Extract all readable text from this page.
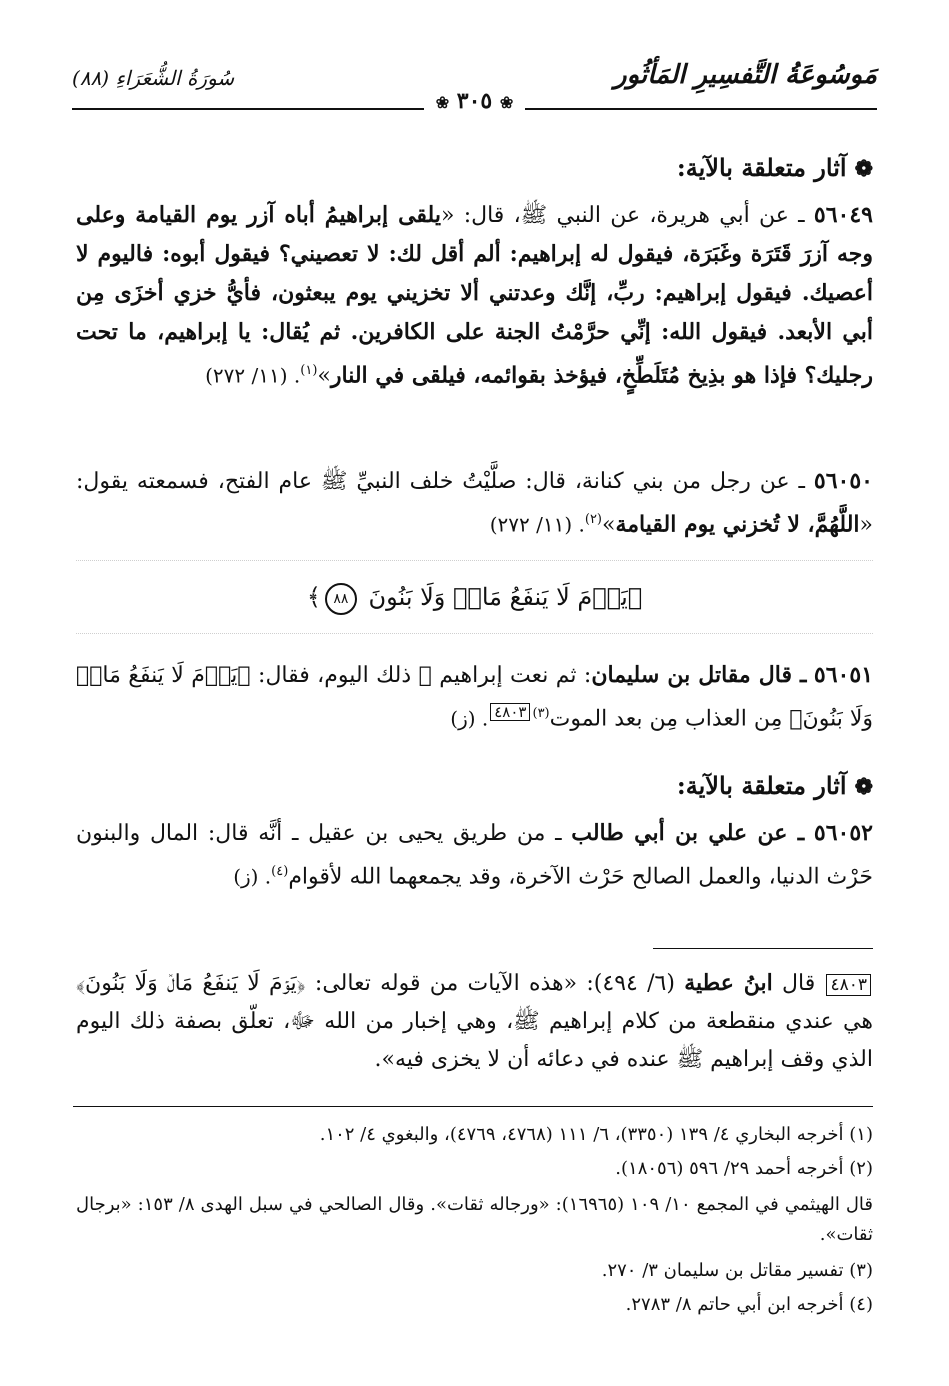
مَوسُوعَةُ التَّفسِيرِ المَأثُور
سُورَةُ الشُّعَرَاءِ (٨٨)
❀ ٣٠٥ ❀

❁آثار متعلقة بالآية:

٥٦٠٤٩ ـ عن أبي هريرة، عن النبي ﷺ، قال: «يلقى إبراهيمُ أباه آزر يوم القيامة وعلى وجه آزرَ قَتَرَة وغَبَرَة، فيقول له إبراهيم: ألم أقل لك: لا تعصيني؟ فيقول أبوه: فاليوم لا أعصيك. فيقول إبراهيم: ربِّ، إنَّك وعدتني ألا تخزيني يوم يبعثون، فأيُّ خزي أخزَى مِن أبي الأبعد. فيقول الله: إنِّي حرَّمْتُ الجنة على الكافرين. ثم يُقال: يا إبراهيم، ما تحت رجليك؟ فإذا هو بذِيخ مُتَلَطِّخٍ، فيؤخذ بقوائمه، فيلقى في النار»$^{(١)}$. (١١/ ٢٧٢)

٥٦٠٥٠ ـ عن رجل من بني كنانة، قال: صلَّيْتُ خلف النبيِّ ﷺ عام الفتح، فسمعته يقول: «اللَّهُمَّ، لا تُخزني يوم القيامة»$^{(٢)}$. (١١/ ٢٧٢)

﴿يَوۡمَ لَا يَنفَعُ مَالٞ وَلَا بَنُونَ ٨٨﴾

٥٦٠٥١ ـ قال مقاتل بن سليمان: ثم نعت إبراهيم ﷺ ذلك اليوم، فقال: ﴿يَوۡمَ لَا يَنفَعُ مَالٞ وَلَا بَنُونَ﴾ مِن العذاب مِن بعد الموت$^{(٣)}$٤٨٠٣. (ز)

❁آثار متعلقة بالآية:

٥٦٠٥٢ ـ عن علي بن أبي طالب ـ من طريق يحيى بن عقيل ـ أنَّه قال: المال والبنون حَرْث الدنيا، والعمل الصالح حَرْث الآخرة، وقد يجمعهما الله لأقوام$^{(٤)}$. (ز)

٤٨٠٣ قال ابنُ عطية (٦/ ٤٩٤): «هذه الآيات من قوله تعالى: ﴿يَوۡمَ لَا يَنفَعُ مَالٞ وَلَا بَنُونَ﴾ هي عندي منقطعة من كلام إبراهيم ﷺ، وهي إخبار من الله ﷻ، تعلّق بصفة ذلك اليوم الذي وقف إبراهيم ﷺ عنده في دعائه أن لا يخزى فيه».

(١) أخرجه البخاري ٤/ ١٣٩ (٣٣٥٠)، ٦/ ١١١ (٤٧٦٨، ٤٧٦٩)، والبغوي ٤/ ١٠٢.

(٢) أخرجه أحمد ٢٩/ ٥٩٦ (١٨٠٥٦).

قال الهيثمي في المجمع ١٠/ ١٠٩ (١٦٩٦٥): «ورجاله ثقات». وقال الصالحي في سبل الهدى ٨/ ١٥٣: «برجال ثقات».

(٣) تفسير مقاتل بن سليمان ٣/ ٢٧٠.

(٤) أخرجه ابن أبي حاتم ٨/ ٢٧٨٣.
